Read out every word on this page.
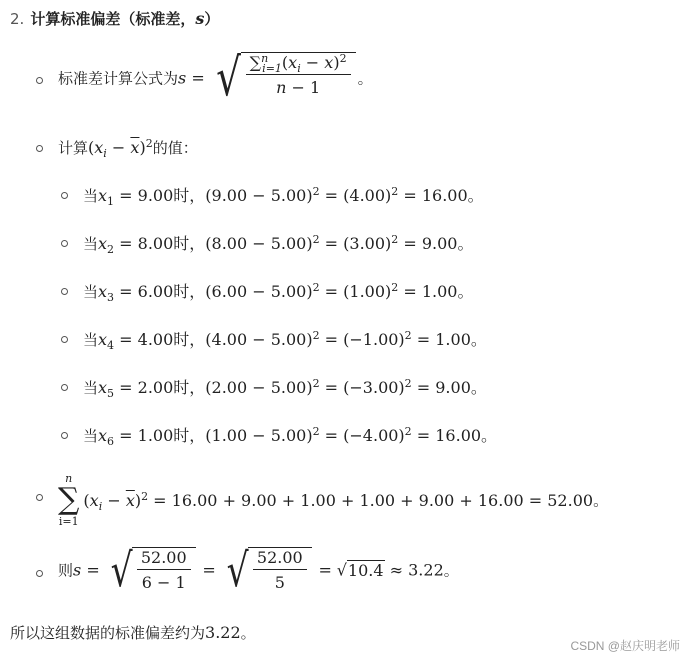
2. 计算标准偏差（标准差，s）
标准差计算公式为s = √ $\frac{\sum^n_{i=1}(x_i - \overline{x})^2}{n - 1}$ 。
计算$(x_i - \overline{x})^2$的值：
当$x_1 = 9.00$时，$(9.00 - 5.00)^2 = (4.00)^2 = 16.00$。
当$x_2 = 8.00$时，$(8.00 - 5.00)^2 = (3.00)^2 = 9.00$。
当$x_3 = 6.00$时，$(6.00 - 5.00)^2 = (1.00)^2 = 1.00$。
当$x_4 = 4.00$时，$(4.00 - 5.00)^2 = (-1.00)^2 = 1.00$。
当$x_5 = 2.00$时，$(2.00 - 5.00)^2 = (-3.00)^2 = 9.00$。
当$x_6 = 1.00$时，$(1.00 - 5.00)^2 = (-4.00)^2 = 16.00$。
n
∑
i=1
$(x_i - \overline{x})^2 = 16.00 + 9.00 + 1.00 + 1.00 + 9.00 + 16.00 = 52.00$。
则s = √ $\frac{52.00}{6 - 1}$ = √ $\frac{52.00}{5} = √10.4 \approx 3.22$。
所以这组数据的标准偏差约为3.22。
CSDN @赵庆明老师
